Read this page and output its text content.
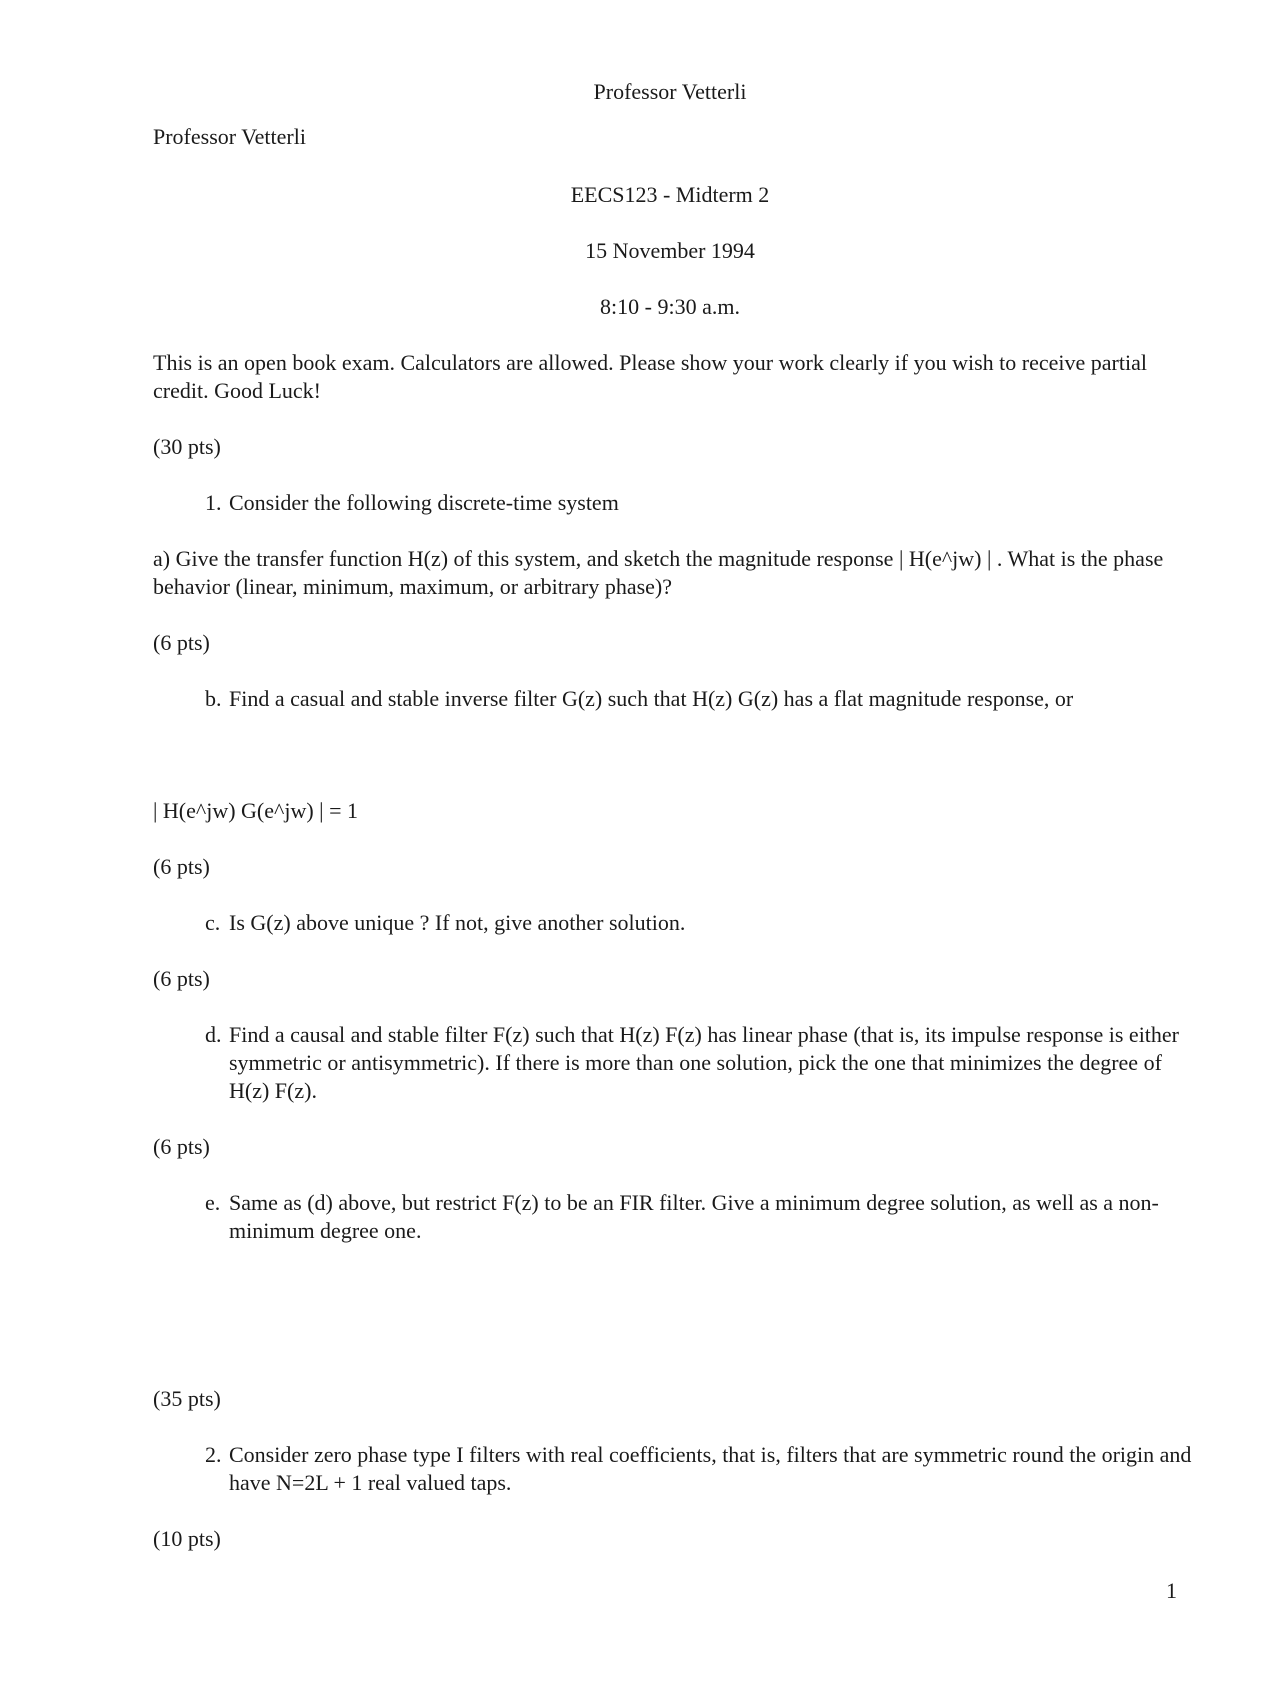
Professor Vetterli
Professor Vetterli
EECS123 - Midterm 2
15 November 1994
8:10 - 9:30 a.m.
This is an open book exam. Calculators are allowed. Please show your work clearly if you wish to receive partial credit. Good Luck!
(30 pts)
1. Consider the following discrete-time system
a) Give the transfer function H(z) of this system, and sketch the magnitude response | H(e^jw) | . What is the phase behavior (linear, minimum, maximum, or arbitrary phase)?
(6 pts)
b. Find a casual and stable inverse filter G(z) such that H(z) G(z) has a flat magnitude response, or
| H(e^jw) G(e^jw) | = 1
(6 pts)
c. Is G(z) above unique ? If not, give another solution.
(6 pts)
d. Find a causal and stable filter F(z) such that H(z) F(z) has linear phase (that is, its impulse response is either symmetric or antisymmetric). If there is more than one solution, pick the one that minimizes the degree of H(z) F(z).
(6 pts)
e. Same as (d) above, but restrict F(z) to be an FIR filter. Give a minimum degree solution, as well as a non-minimum degree one.
(35 pts)
2. Consider zero phase type I filters with real coefficients, that is, filters that are symmetric round the origin and have N=2L + 1 real valued taps.
(10 pts)
1
